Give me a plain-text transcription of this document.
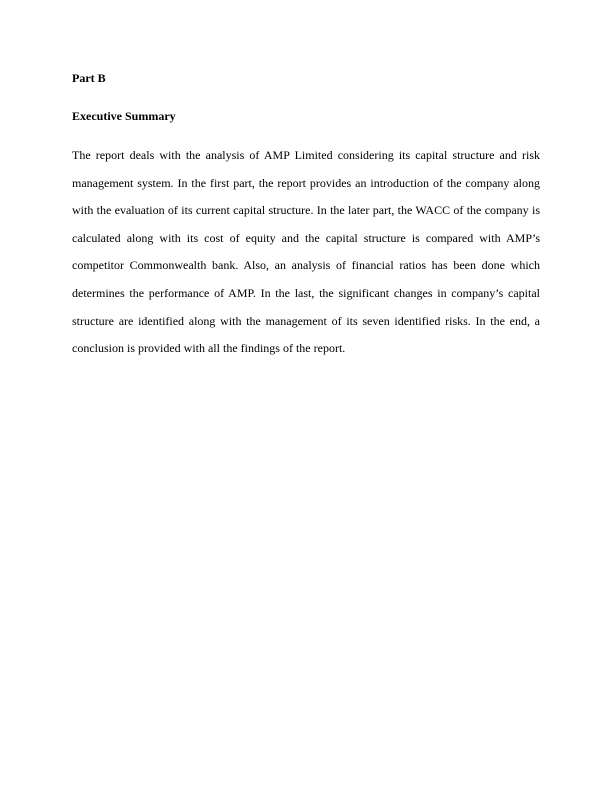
Part B
Executive Summary

The report deals with the analysis of AMP Limited considering its capital structure and risk management system. In the first part, the report provides an introduction of the company along with the evaluation of its current capital structure. In the later part, the WACC of the company is calculated along with its cost of equity and the capital structure is compared with AMP’s competitor Commonwealth bank. Also, an analysis of financial ratios has been done which determines the performance of AMP. In the last, the significant changes in company’s capital structure are identified along with the management of its seven identified risks. In the end, a conclusion is provided with all the findings of the report.
